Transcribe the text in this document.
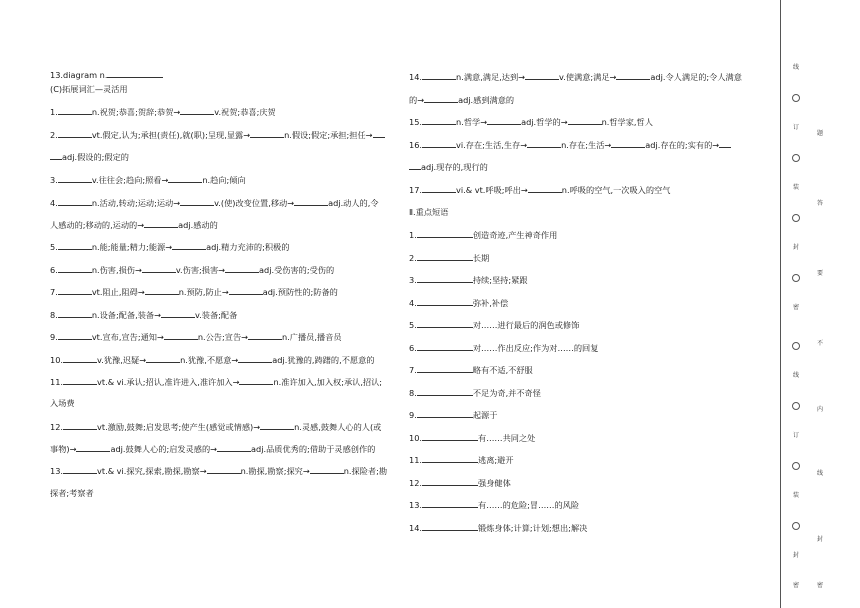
13.diagram n.
(C)拓展词汇—灵活用
1.	n.祝贺;恭喜;贺辞;恭贺→	v.祝贺;恭喜;庆贺
2.	vt.假定,认为;承担(责任),就(职);呈现,显露→	n.假设;假定;承担;担任→
adj.假设的;假定的
3.	v.往往会;趋向;照看→	n.趋向;倾向
4.	n.活动,转动;运动;运动→	v.(使)改变位置,移动→	adj.动人的,令
人感动的;移动的,运动的→	adj.感动的
5.	n.能;能量;精力;能源→	adj.精力充沛的;积极的
6.	n.伤害,损伤→	v.伤害;损害→	adj.受伤害的;受伤的
7.	vt.阻止,阻碍→	n.预防,防止→	adj.预防性的;防备的
8.	n.设备;配备,装备→	v.装备;配备
9.	vt.宣布,宣告;通知→	n.公告;宣告→	n.广播员,播音员
10.	v.犹豫,迟疑→	n.犹豫,不愿意→	adj.犹豫的,踌躇的,不愿意的
11.	vt.& vi.承认;招认,准许进入,准许加入→	n.准许加入,加入权;承认,招认;
入场费
12.	vt.激励,鼓舞;启发思考;使产生(感觉或情感)→	n.灵感,鼓舞人心的人(或
事物)→	adj.鼓舞人心的;启发灵感的→	adj.品质优秀的;借助于灵感创作的
13.	vt.& vi.探究,探索,勘探,勘察→	n.勘探,勘察;探究→	n.探险者;勘
探者;考察者
14.	n.满意,满足,达到→	v.使满意;满足→	adj.令人满足的;令人满意
的→	adj.感到满意的
15.	n.哲学→	adj.哲学的→	n.哲学家,哲人
16.	vi.存在;生活,生存→	n.存在;生活→	adj.存在的;实有的→
adj.现存的,现行的
17.	vi.& vt.呼吸;呼出→	n.呼吸的空气,一次吸入的空气
Ⅱ.重点短语
1.	创造奇迹,产生神奇作用
2.	长期
3.	持续;坚持;紧跟
4.	弥补,补偿
5.	对……进行最后的润色或修饰
6.	对……作出反应;作为对……的回复
7.	略有不适,不舒服
8.	不足为奇,并不奇怪
9.	起源于
10.	有……共同之处
11.	逃离;避开
12.	强身健体
13.	有……的危险;冒……的风险
14.	锻炼身体;计算;计划;想出;解决
线
订
装
封
密
线
订
装
封
密
题
答
要
不
内
线
封
密
